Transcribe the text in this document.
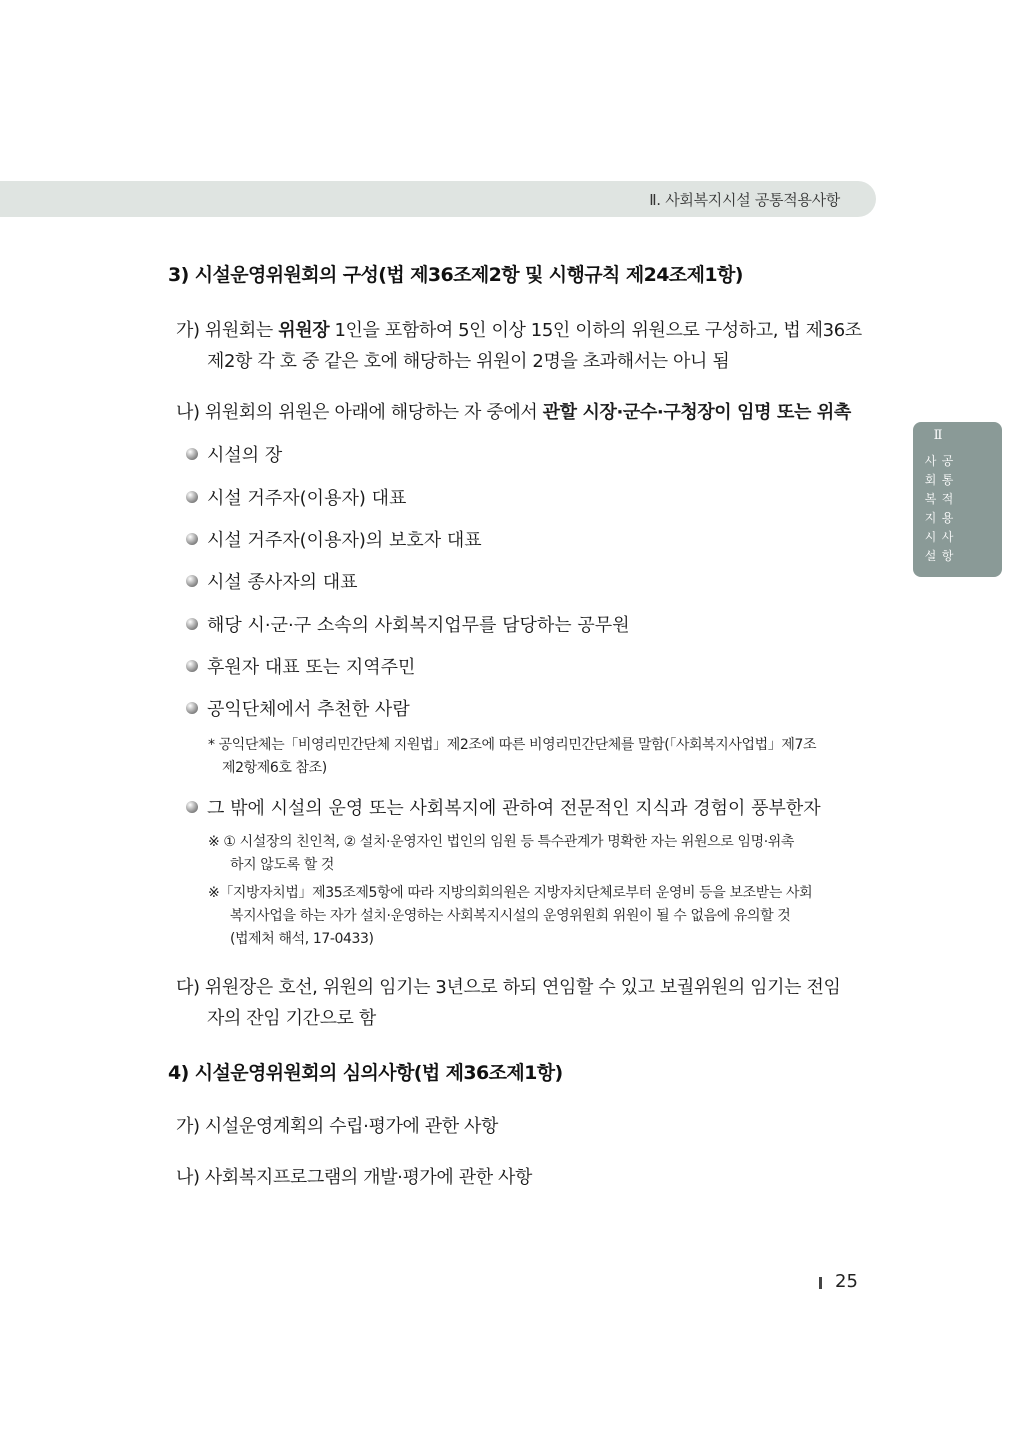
Ⅱ. 사회복지시설 공통적용사항
Ⅱ
사
회
복
지
시
설
공
통
적
용
사
항
3) 시설운영위원회의 구성(법 제36조제2항 및 시행규칙 제24조제1항)
가) 위원회는 위원장 1인을 포함하여 5인 이상 15인 이하의 위원으로 구성하고, 법 제36조
제2항 각 호 중 같은 호에 해당하는 위원이 2명을 초과해서는 아니 됨
나) 위원회의 위원은 아래에 해당하는 자 중에서 관할 시장·군수·구청장이 임명 또는 위촉
시설의 장
시설 거주자(이용자) 대표
시설 거주자(이용자)의 보호자 대표
시설 종사자의 대표
해당 시·군·구 소속의 사회복지업무를 담당하는 공무원
후원자 대표 또는 지역주민
공익단체에서 추천한 사람
* 공익단체는「비영리민간단체 지원법」제2조에 따른 비영리민간단체를 말함(「사회복지사업법」제7조
제2항제6호 참조)
그 밖에 시설의 운영 또는 사회복지에 관하여 전문적인 지식과 경험이 풍부한자
※ ① 시설장의 친인척, ② 설치·운영자인 법인의 임원 등 특수관계가 명확한 자는 위원으로 임명·위촉
하지 않도록 할 것
※「지방자치법」제35조제5항에 따라 지방의회의원은 지방자치단체로부터 운영비 등을 보조받는 사회
복지사업을 하는 자가 설치·운영하는 사회복지시설의 운영위원회 위원이 될 수 없음에 유의할 것
(법제처 해석, 17-0433)
다) 위원장은 호선, 위원의 임기는 3년으로 하되 연임할 수 있고 보궐위원의 임기는 전임
자의 잔임 기간으로 함
4) 시설운영위원회의 심의사항(법 제36조제1항)
가) 시설운영계획의 수립·평가에 관한 사항
나) 사회복지프로그램의 개발·평가에 관한 사항
25
